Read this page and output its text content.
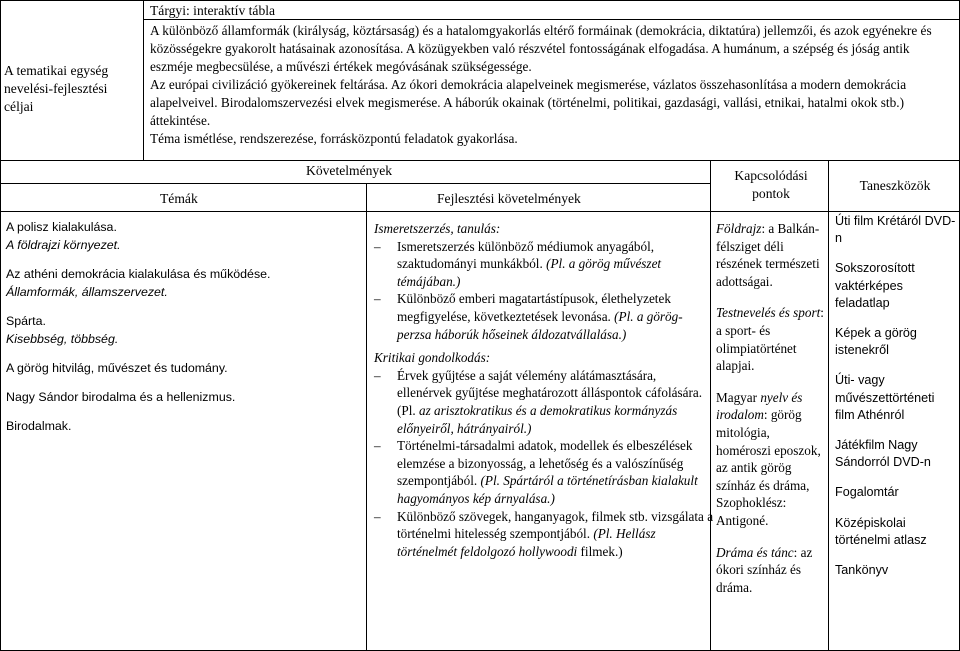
A tematikai egység nevelési-fejlesztési céljai
Tárgyi: interaktív tábla

A különböző államformák (királyság, köztársaság) és a hatalomgyakorlás eltérő formáinak (demokrácia, diktatúra) jellemzői, és azok egyénekre és közösségekre gyakorolt hatásainak azonosítása. A közügyekben való részvétel fontosságának elfogadása. A humánum, a szépség és jóság antik eszméje megbecsülése, a művészi értékek megóvásának szükségessége.

Az európai civilizáció gyökereinek feltárása. Az ókori demokrácia alapelveinek megismerése, vázlatos összehasonlítása a modern demokrácia alapelveivel. Birodalomszervezési elvek megismerése. A háborúk okainak (történelmi, politikai, gazdasági, vallási, etnikai, hatalmi okok stb.) áttekintése.

Téma ismétlése, rendszerezése, forrásközpontú feladatok gyakorlása.

Követelmények
Témák	Fejlesztési követelmények
Kapcsolódási pontok
Taneszközök
A polisz kialakulása.
A földrajzi környezet.
Az athéni demokrácia kialakulása és működése.
Államformák, államszervezet.
Spárta.
Kisebbség, többség.
A görög hitvilág, művészet és tudomány.
Nagy Sándor birodalma és a hellenizmus.
Birodalmak.
Ismeretszerzés, tanulás:
– Ismeretszerzés különböző médiumok anyagából, szaktudományi munkákból. (Pl. a görög művészet témájában.)
– Különböző emberi magatartástípusok, élethelyzetek megfigyelése, következtetések levonása. (Pl. a görög-perzsa háborúk hőseinek áldozatvállalása.)
Kritikai gondolkodás:
– Érvek gyűjtése a saját vélemény alátámasztására, ellenérvek gyűjtése meghatározott álláspontok cáfolására. (Pl. az arisztokratikus és a demokratikus kormányzás előnyeiről, hátrányairól.)
– Történelmi-társadalmi adatok, modellek és elbeszélések elemzése a bizonyosság, a lehetőség és a valószínűség szempontjából. (Pl. Spártáról a történetírásban kialakult hagyományos kép árnyalása.)
– Különböző szövegek, hanganyagok, filmek stb. vizsgálata a történelmi hitelesség szempontjából. (Pl. Hellász történelmét feldolgozó hollywoodi filmek.)
Földrajz: a Balkán-félsziget déli részének természeti adottságai.
Testnevelés és sport: a sport- és olimpiatörténet alapjai.
Magyar nyelv és irodalom: görög mitológia, homéroszi eposzok, az antik görög színház és dráma, Szophoklész: Antigoné.
Dráma és tánc: az ókori színház és dráma.
Úti film Krétáról DVD-n
Sokszorosított vaktérképes feladatlap
Képek a görög istenekről
Úti- vagy művészettörténeti film Athénról
Játékfilm Nagy Sándorról DVD-n
Fogalomtár
Középiskolai történelmi atlasz
Tankönyv
